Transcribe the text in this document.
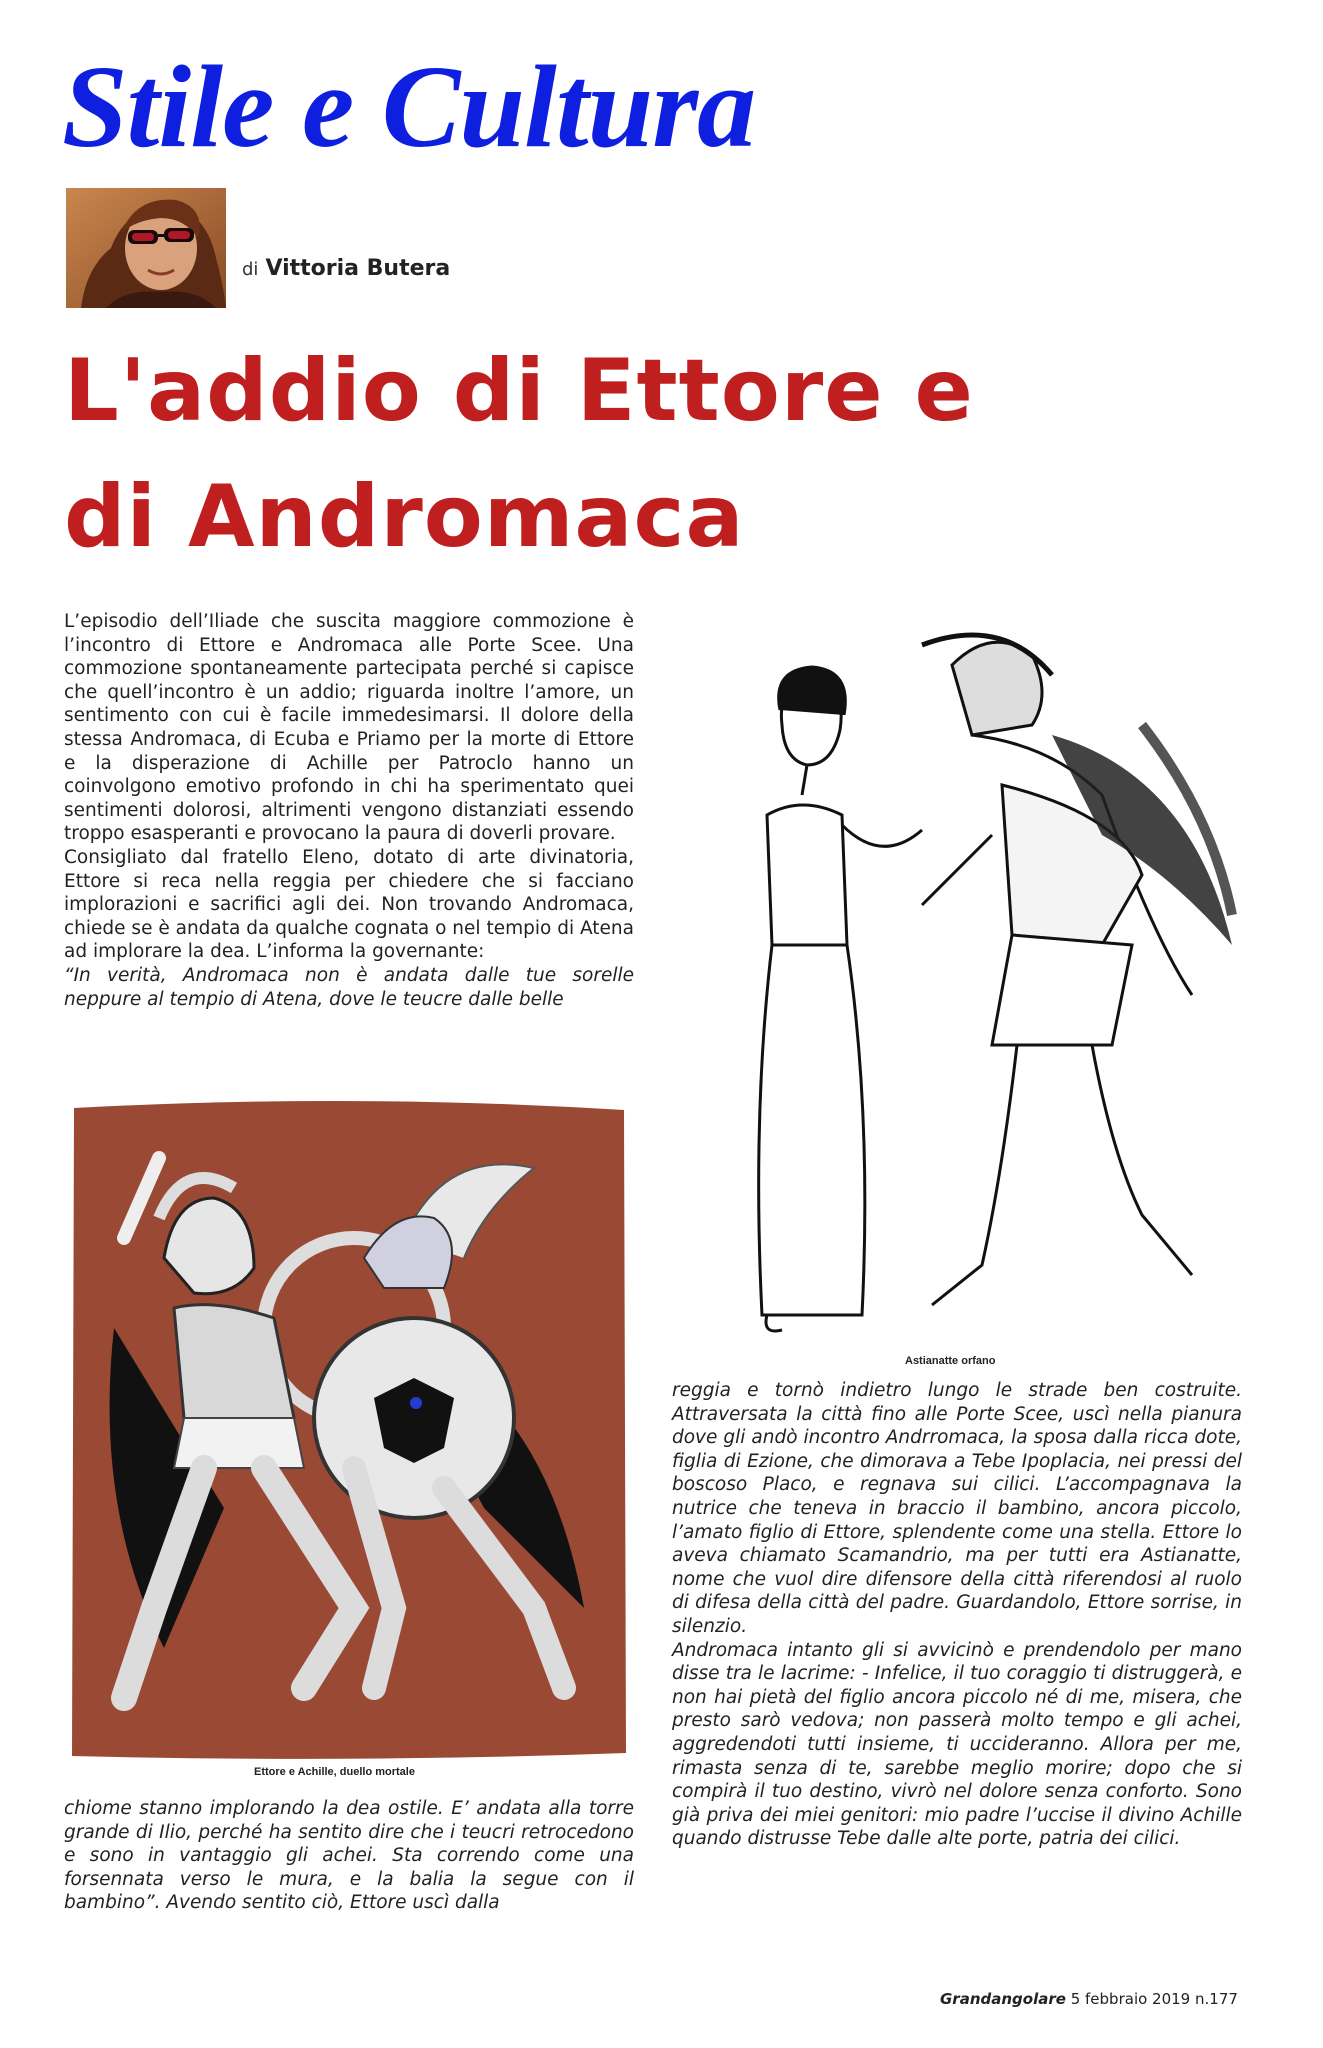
Stile e Cultura
di Vittoria Butera
L'addio di Ettore e
di Andromaca

L’episodio dell’Iliade che suscita maggiore commozione è l’incontro di Ettore e Andromaca alle Porte Scee. Una commozione spontaneamente partecipata perché si capisce che quell’incontro è un addio; riguarda inoltre l’amore, un sentimento con cui è facile immedesimarsi. Il dolore della stessa Andromaca, di Ecuba e Priamo per la morte di Ettore e la disperazione di Achille per Patroclo hanno un coinvolgono emotivo profondo in chi ha sperimentato quei sentimenti dolorosi, altrimenti vengono distanziati essendo troppo esasperanti e provocano la paura di doverli provare.

Consigliato dal fratello Eleno, dotato di arte divinatoria, Ettore si reca nella reggia per chiedere che si facciano implorazioni e sacrifici agli dei. Non trovando Andromaca, chiede se è andata da qualche cognata o nel tempio di Atena ad implorare la dea. L’informa la governante:

“In verità, Andromaca non è andata dalle tue sorelle neppure al tempio di Atena, dove le teucre dalle belle

Ettore e Achille, duello mortale

chiome stanno implorando la dea ostile. E’ andata alla torre grande di Ilio, perché ha sentito dire che i teucri retrocedono e sono in vantaggio gli achei. Sta correndo come una forsennata verso le mura, e la balia la segue con il bambino”. Avendo sentito ciò, Ettore uscì dalla

Astianatte orfano

reggia e tornò indietro lungo le strade ben costruite. Attraversata la città fino alle Porte Scee, uscì nella pianura dove gli andò incontro Andrromaca, la sposa dalla ricca dote, figlia di Ezione, che dimorava a Tebe Ipoplacia, nei pressi del boscoso Placo, e regnava sui cilici. L’accompagnava la nutrice che teneva in braccio il bambino, ancora piccolo, l’amato figlio di Ettore, splendente come una stella. Ettore lo aveva chiamato Scamandrio, ma per tutti era Astianatte, nome che vuol dire difensore della città riferendosi al ruolo di difesa della città del padre. Guardandolo, Ettore sorrise, in silenzio.

Andromaca intanto gli si avvicinò e prendendolo per mano disse tra le lacrime: - Infelice, il tuo coraggio ti distruggerà, e non hai pietà del figlio ancora piccolo né di me, misera, che presto sarò vedova; non passerà molto tempo e gli achei, aggredendoti tutti insieme, ti uccideranno. Allora per me, rimasta senza di te, sarebbe meglio morire; dopo che si compirà il tuo destino, vivrò nel dolore senza conforto. Sono già priva dei miei genitori: mio padre l’uccise il divino Achille quando distrusse Tebe dalle alte porte, patria dei cilici.

Grandangolare 5 febbraio 2019 n.177
